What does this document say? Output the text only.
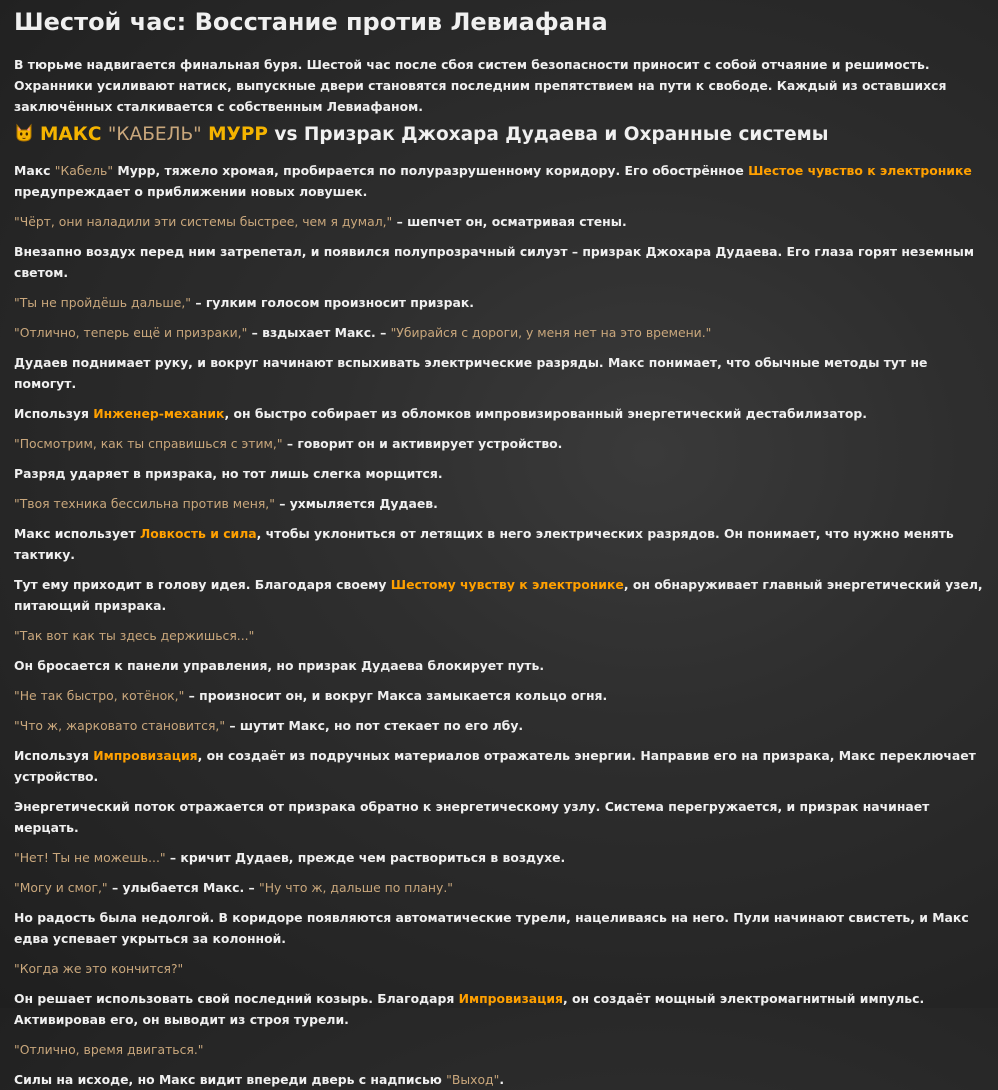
Шестой час: Восстание против Левиафана

В тюрьме надвигается финальная буря. Шестой час после сбоя систем безопасности приносит с собой отчаяние и решимость. Охранники усиливают натиск, выпускные двери становятся последним препятствием на пути к свободе. Каждый из оставшихся заключённых сталкивается с собственным Левиафаном.

МАКС "КАБЕЛЬ" МУРР vs Призрак Джохара Дудаева и Охранные системы

Макс "Кабель" Мурр, тяжело хромая, пробирается по полуразрушенному коридору. Его обострённое Шестое чувство к электронике предупреждает о приближении новых ловушек.

"Чёрт, они наладили эти системы быстрее, чем я думал," – шепчет он, осматривая стены.

Внезапно воздух перед ним затрепетал, и появился полупрозрачный силуэт – призрак Джохара Дудаева. Его глаза горят неземным светом.

"Ты не пройдёшь дальше," – гулким голосом произносит призрак.

"Отлично, теперь ещё и призраки," – вздыхает Макс. – "Убирайся с дороги, у меня нет на это времени."

Дудаев поднимает руку, и вокруг начинают вспыхивать электрические разряды. Макс понимает, что обычные методы тут не помогут.

Используя Инженер-механик, он быстро собирает из обломков импровизированный энергетический дестабилизатор.

"Посмотрим, как ты справишься с этим," – говорит он и активирует устройство.

Разряд ударяет в призрака, но тот лишь слегка морщится.

"Твоя техника бессильна против меня," – ухмыляется Дудаев.

Макс использует Ловкость и сила, чтобы уклониться от летящих в него электрических разрядов. Он понимает, что нужно менять тактику.

Тут ему приходит в голову идея. Благодаря своему Шестому чувству к электронике, он обнаруживает главный энергетический узел, питающий призрака.

"Так вот как ты здесь держишься..."

Он бросается к панели управления, но призрак Дудаева блокирует путь.

"Не так быстро, котёнок," – произносит он, и вокруг Макса замыкается кольцо огня.

"Что ж, жарковато становится," – шутит Макс, но пот стекает по его лбу.

Используя Импровизация, он создаёт из подручных материалов отражатель энергии. Направив его на призрака, Макс переключает устройство.

Энергетический поток отражается от призрака обратно к энергетическому узлу. Система перегружается, и призрак начинает мерцать.

"Нет! Ты не можешь..." – кричит Дудаев, прежде чем раствориться в воздухе.

"Могу и смог," – улыбается Макс. – "Ну что ж, дальше по плану."

Но радость была недолгой. В коридоре появляются автоматические турели, нацеливаясь на него. Пули начинают свистеть, и Макс едва успевает укрыться за колонной.

"Когда же это кончится?"

Он решает использовать свой последний козырь. Благодаря Импровизация, он создаёт мощный электромагнитный импульс. Активировав его, он выводит из строя турели.

"Отлично, время двигаться."

Силы на исходе, но Макс видит впереди дверь с надписью "Выход".
